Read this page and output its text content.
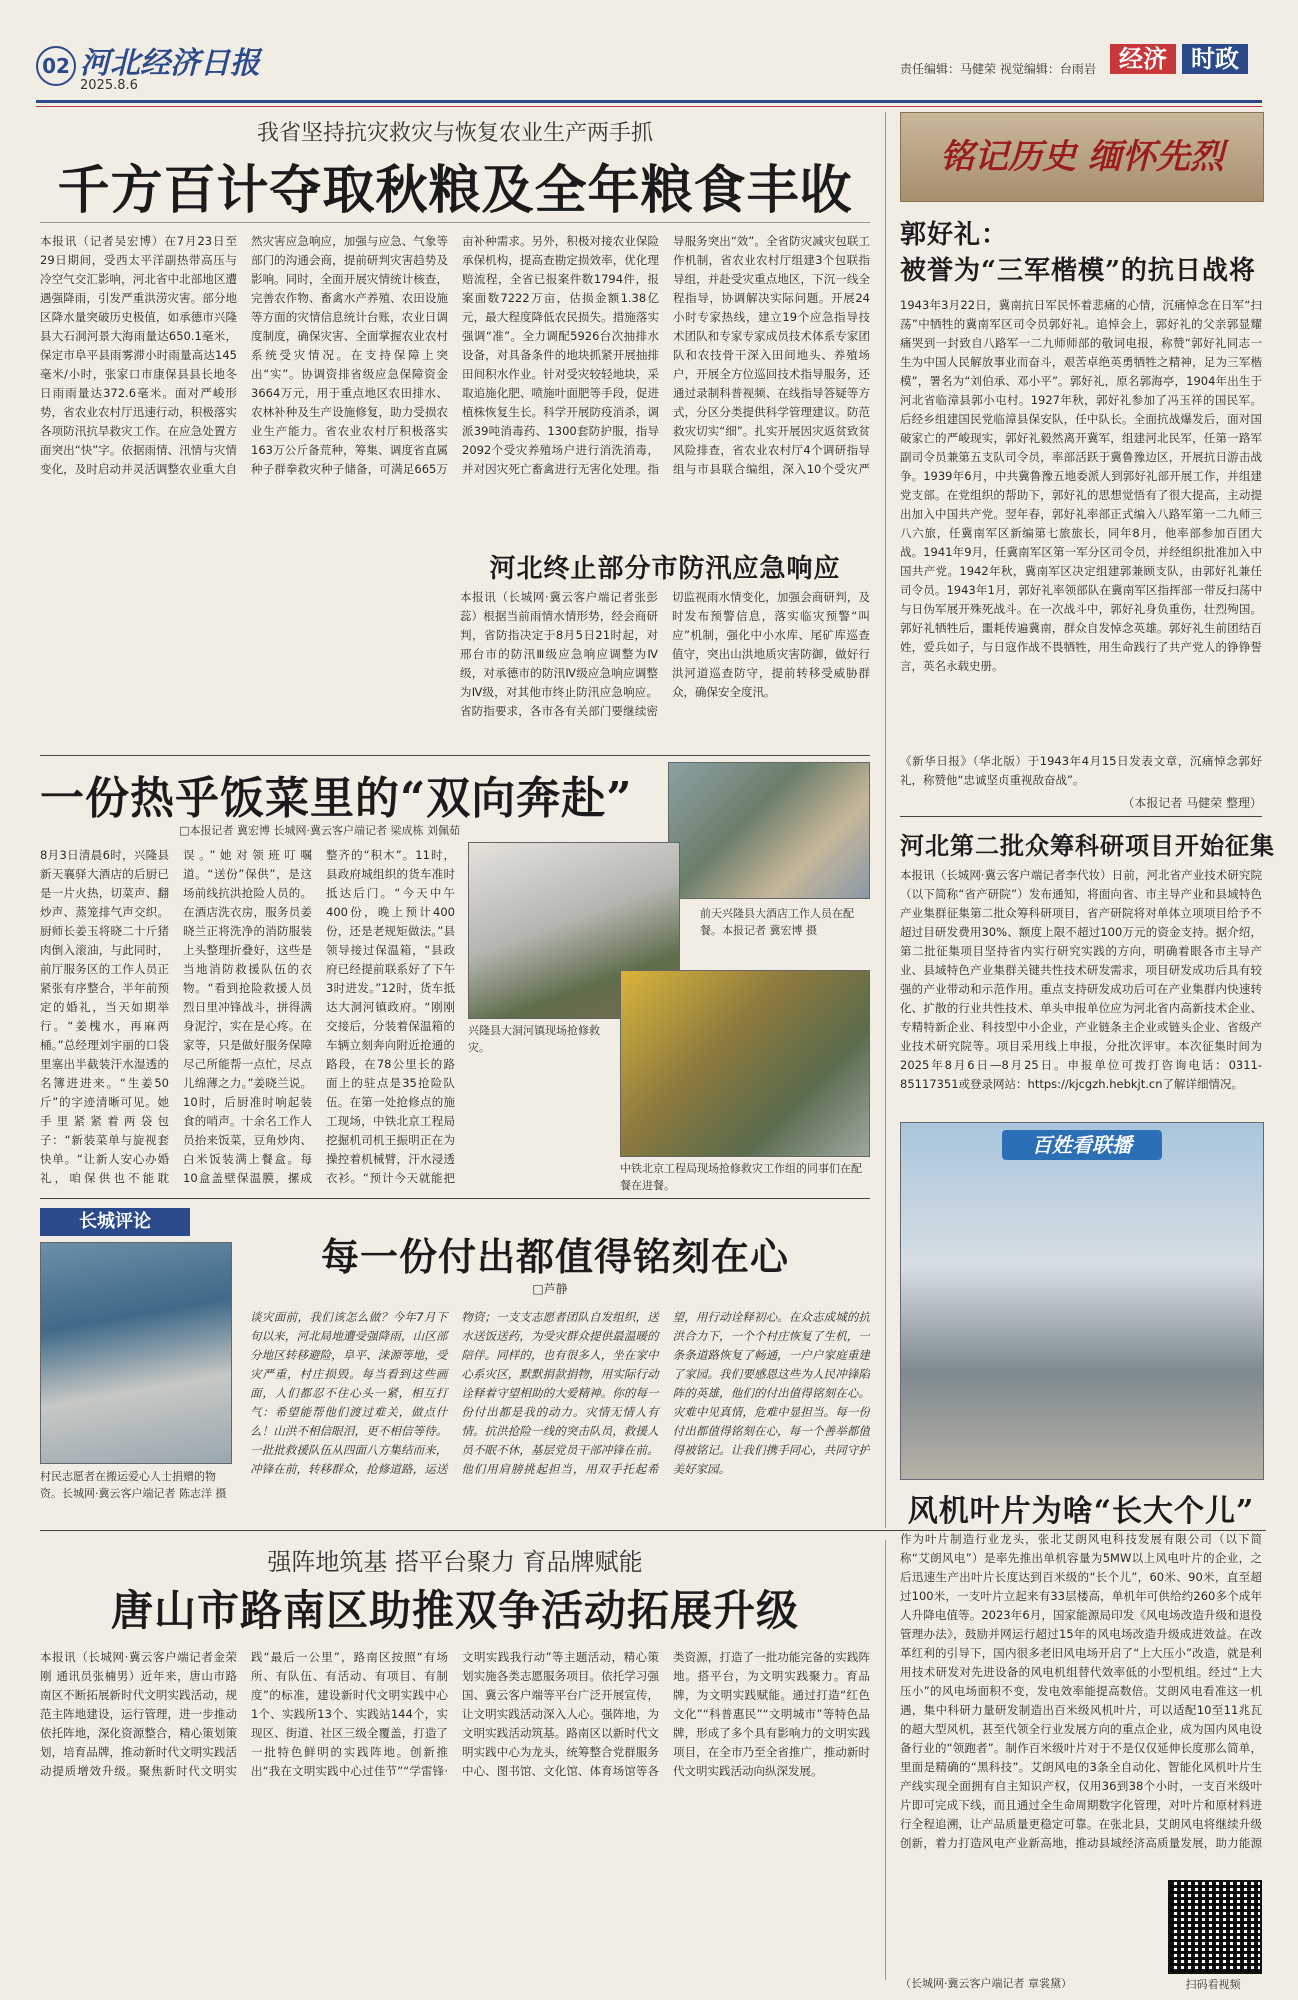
02 河北经济日报
2025.8.6
责任编辑：马健荣 视觉编辑：台雨岩 经济	时政
我省坚持抗灾救灾与恢复农业生产两手抓
千方百计夺取秋粮及全年粮食丰收
本报讯（记者吴宏博）在7月23日至29日期间，受西太平洋副热带高压与冷空气交汇影响，河北省中北部地区遭遇强降雨，引发严重洪涝灾害。部分地区降水量突破历史极值，如承德市兴隆县大石洞河景大海雨量达650.1毫米，保定市阜平县雨雾滞小时雨量高达145毫米/小时，张家口市康保县县长地冬日雨雨量达372.6毫米。面对严峻形势，省农业农村厅迅速行动，积极落实各项防汛抗旱救灾工作。在应急处置方面突出“快”字。依据雨情、汛情与灾情变化，及时启动并灵活调整农业重大自然灾害应急响应，加强与应急、气象等部门的沟通会商，提前研判灾害趋势及影响。同时，全面开展灾情统计核查，完善农作物、畜禽水产养殖、农田设施等方面的灾情信息统计台账，农业日调度制度，确保灾害、全面掌握农业农村系统受灾情况。在支持保障上突出“实”。协调资排省级应急保障资金3664万元，用于重点地区农田排水、农林补种及生产设施修复，助力受损农业生产能力。省农业农村厅积极落实163万公斤备荒种，筹集、调度省直属种子群拳救灾种子储备，可满足665万亩补种需求。另外，积极对接农业保险承保机构，提高查勘定损效率，优化理赔流程，全省已报案件数1794件，报案面数7222万亩，估损金额1.38亿元，最大程度降低农民损失。措施落实强调“准”。全力调配5926台次抽排水设备，对具备条件的地块抓紧开展抽排田间积水作业。针对受灾较轻地块，采取追施化肥、喷施叶面肥等手段，促进植株恢复生长。科学开展防疫消杀，调派39吨消毒药、1300套防护服，指导2092个受灾养殖场户进行消洗消毒，并对因灾死亡畜禽进行无害化处理。指导服务突出“效”。全省防灾减灾包联工作机制，省农业农村厅组建3个包联指导组，并赴受灾重点地区，下沉一线全程指导，协调解决实际问题。开展24小时专家热线，建立19个应急指导技术团队和专家专家成员技术体系专家团队和农技骨干深入田间地头、养殖场户，开展全方位巡回技术指导服务，还通过录制科普视频、在线指导答疑等方式，分区分类提供科学管理建议。防范救灾切实“细”。扎实开展因灾返贫致贫风险排查，省农业农村厅4个调研指导组与市县联合编组，深入10个受灾严
河北终止部分市防汛应急响应
本报讯（长城网·冀云客户端记者张彭蕊）根据当前雨情水情形势，经会商研判，省防指决定于8月5日21时起，对邢台市的防汛Ⅲ级应急响应调整为Ⅳ级，对承德市的防汛Ⅳ级应急响应调整为Ⅳ级，对其他市终止防汛应急响应。省防指要求，各市各有关部门要继续密切监视雨水情变化，加强会商研判，及时发布预警信息，落实临灾预警“叫应”机制，强化中小水库、尾矿库巡查值守，突出山洪地质灾害防御，做好行洪河道巡查防守，提前转移受威胁群众，确保安全度汛。
一份热乎饭菜里的“双向奔赴”
□本报记者 冀宏博 长城网·冀云客户端记者 梁成栋 刘佩茹
前天兴隆县大酒店工作人员在配餐。本报记者 冀宏博 摄
兴隆县大洞河镇现场抢修救灾。
中铁北京工程局现场抢修救灾工作组的同事们在配餐在进餐。
8月3日清晨6时，兴隆县新天襄驿大酒店的后厨已是一片火热，切菜声、翻炒声、蒸笼排气声交织。厨师长姜玉将晓二十斤猪肉倒入滚油，与此同时，前厅服务区的工作人员正紧张有序整合，半年前预定的婚礼，当天如期举行。“姜槐水，再麻两桶。”总经理刘宇丽的口袋里塞出半截装汗水湿透的名簿进进来。“生姜50斤”的字迹清晰可见。她手里紧紧着两袋包子：“新装菜单与旋视套快单。“让新人安心办婚礼，咱保供也不能耽误。”她对领班叮嘱道。“送份”保供”，是这场前线抗洪抢险人员的。在酒店洗衣房，服务员姜晓兰正将洗净的消防服装上头整理折叠好，这些是当地消防救援队伍的衣物。“看到抢险救援人员烈日里冲锋战斗，拼得满身泥泞，实在是心疼。在家等，只是做好服务保障尽己所能帮一点忙，尽点儿绵薄之力。”姜晓兰说。10时，后厨准时响起装食的哨声。十余名工作人员抬来饭菜，豆角炒肉、白米饭装满上餐盒。每10盒盖壁保温膜，摞成整齐的“积木”。11时，县政府城组织的货车准时抵达后门。“今天中午400份，晚上预计400份，还是老规矩做法。”县领导接过保温箱，“县政府已经提前联系好了下午3时进发。”12时，货车抵达大洞河镇政府。“刚刚交接后，分装着保温箱的车辆立刻奔向附近抢通的路段，在78公里长的路面上的驻点是35抢险队伍。在第一处抢修点的施工现场，中铁北京工程局挖掘机司机王振明正在为操控着机械臂，汗水浸透衣衫。“预计今天就能把
长城评论
每一份付出都值得铭刻在心
□芦静
村民志愿者在搬运爱心人士捐赠的物资。长城网·冀云客户端记者 陈志洋 摄
谈灾面前，我们该怎么做？今年7月下旬以来，河北局地遭受强降雨，山区部分地区转移避险，阜平、涞源等地，受灾严重，村庄损毁。每当看到这些画面，人们都忍不住心头一紧，相互打气：希望能帮他们渡过难关，做点什么！山洪不相信眼泪，更不相信等待。一批批救援队伍从四面八方集结而来，冲锋在前，转移群众，抢修道路，运送物资；一支支志愿者团队自发组织，送水送饭送药，为受灾群众提供最温暖的陪伴。同样的，也有很多人，坐在家中心系灾区，默默捐款捐物，用实际行动诠释着守望相助的大爱精神。你的每一份付出都是我的动力。灾情无情人有情。抗洪抢险一线的突击队员，救援人员不眠不休，基层党员干部冲锋在前。他们用肩膀挑起担当，用双手托起希望，用行动诠释初心。在众志成城的抗洪合力下，一个个村庄恢复了生机，一条条道路恢复了畅通，一户户家庭重建了家园。我们要感恩这些为人民冲锋陷阵的英雄，他们的付出值得铭刻在心。灾难中见真情，危难中显担当。每一份付出都值得铭刻在心，每一个善举都值得被铭记。让我们携手同心，共同守护美好家园。
强阵地筑基 搭平台聚力 育品牌赋能
唐山市路南区助推双争活动拓展升级
本报讯（长城网·冀云客户端记者金荣刚 通讯员张楠男）近年来，唐山市路南区不断拓展新时代文明实践活动，规范主阵地建设，运行管理，进一步推动依托阵地，深化资源整合，精心策划策划，培育品牌，推动新时代文明实践活动提质增效升级。聚焦新时代文明实践“最后一公里”，路南区按照“有场所、有队伍、有活动、有项目、有制度”的标准，建设新时代文明实践中心1个、实践所13个、实践站144个，实现区、街道、社区三级全覆盖，打造了一批特色鲜明的实践阵地。创新推出“我在文明实践中心过佳节”“学雷锋·文明实践我行动”等主题活动，精心策划实施各类志愿服务项目。依托学习强国、冀云客户端等平台广泛开展宣传，让文明实践活动深入人心。强阵地，为文明实践活动筑基。路南区以新时代文明实践中心为龙头，统筹整合党群服务中心、图书馆、文化馆、体育场馆等各类资源，打造了一批功能完备的实践阵地。搭平台，为文明实践聚力。育品牌，为文明实践赋能。通过打造“红色文化”“科普惠民”“文明城市”等特色品牌，形成了多个具有影响力的文明实践项目，在全市乃至全省推广，推动新时代文明实践活动向纵深发展。
铭记历史 缅怀先烈
郭好礼：
被誉为“三军楷模”的抗日战将
1943年3月22日，冀南抗日军民怀着悲痛的心情，沉痛悼念在日军“扫荡”中牺牲的冀南军区司令员郭好礼。追悼会上，郭好礼的父亲郭显耀痛哭到一封致自八路军一二九师师部的敬词电报，称赞“郭好礼同志一生为中国人民解放事业而奋斗，艰苦卓绝英勇牺牲之精神，足为三军楷模”，署名为“刘伯承、邓小平”。郭好礼，原名郭海亭，1904年出生于河北省临漳县郭小屯村。1927年秋，郭好礼参加了冯玉祥的国民军。后经乡组建国民党临漳县保安队，任中队长。全面抗战爆发后，面对国破家亡的严峻现实，郭好礼毅然离开冀军，组建河北民军，任第一路军副司令员兼第五支队司令员，率部活跃于冀鲁豫边区，开展抗日游击战争。1939年6月，中共冀鲁豫五地委派人到郭好礼部开展工作，并组建党支部。在党组织的帮助下，郭好礼的思想觉悟有了很大提高，主动提出加入中国共产党。翌年春，郭好礼率部正式编入八路军第一二九师三八六旅，任冀南军区新编第七旅旅长，同年8月，他率部参加百团大战。1941年9月，任冀南军区第一军分区司令员，并经组织批准加入中国共产党。1942年秋，冀南军区决定组建郭兼顾支队，由郭好礼兼任司令员。1943年1月，郭好礼率领部队在冀南军区指挥部一带反扫荡中与日伪军展开殊死战斗。在一次战斗中，郭好礼身负重伤，壮烈殉国。郭好礼牺牲后，噩耗传遍冀南，群众自发悼念英雄。郭好礼生前团结百姓，爱兵如子，与日寇作战不畏牺牲，用生命践行了共产党人的铮铮誓言，英名永载史册。
《新华日报》（华北版）于1943年4月15日发表文章，沉痛悼念郭好礼，称赞他“忠诚坚贞重视敌奋战”。
（本报记者 马健荣 整理）
河北第二批众筹科研项目开始征集
本报讯（长城网·冀云客户端记者李代妆）日前，河北省产业技术研究院（以下简称“省产研院”）发布通知，将面向省、市主导产业和县域特色产业集群征集第二批众筹科研项目，省产研院将对单体立项项目给予不超过目研发费用30%、额度上限不超过100万元的资金支持。据介绍，第二批征集项目坚持省内实行研究实践的方向，明确着眼各市主导产业、县域特色产业集群关键共性技术研发需求，项目研发成功后具有较强的产业带动和示范作用。重点支持研发成功后可在产业集群内快速转化、扩散的行业共性技术、单头申报单位应为河北省内高新技术企业、专精特新企业、科技型中小企业，产业链条主企业或链头企业、省级产业技术研究院等。项目采用线上申报，分批次评审。本次征集时间为2025年8月6日—8月25日。申报单位可拨打咨询电话：0311-85117351或登录网站：https://kjcgzh.hebkjt.cn了解详细情况。
百姓看联播
风机叶片为啥“长大个儿”
作为叶片制造行业龙头，张北艾朗风电科技发展有限公司（以下简称“艾朗风电”）是率先推出单机容量为5MW以上风电叶片的企业，之后迅速生产出叶片长度达到百米级的“长个儿”，60米、90米，直至超过100米，一支叶片立起来有33层楼高，单机年可供给约260多个成年人升降电值等。2023年6月，国家能源局印发《风电场改造升级和退役管理办法》，鼓励并网运行超过15年的风电场改造升级成进效益。在改革红利的引导下，国内很多老旧风电场开启了“上大压小”改造，就是利用技术研发对先进设备的风电机组替代效率低的小型机组。经过“上大压小”的风电场面积不变，发电效率能提高数倍。艾朗风电看准这一机遇，集中科研力量研发制造出百米级风机叶片，可以适配10至11兆瓦的超大型风机，甚至代领全行业发展方向的重点企业，成为国内风电设备行业的“领跑者”。制作百米级叶片对于不是仅仅延伸长度那么简单，里面是精确的“黑科技”。艾朗风电的3条全自动化、智能化风机叶片生产线实现全面拥有自主知识产权，仅用36到38个小时，一支百米级叶片即可完成下线，而且通过全生命周期数字化管理，对叶片和原材料进行全程追溯，让产品质量更稳定可靠。在张北县，艾朗风电将继续升级创新，着力打造风电产业新高地，推动县域经济高质量发展，助力能源
（长城网·冀云客户端记者 章裳黛）	扫码看视频
